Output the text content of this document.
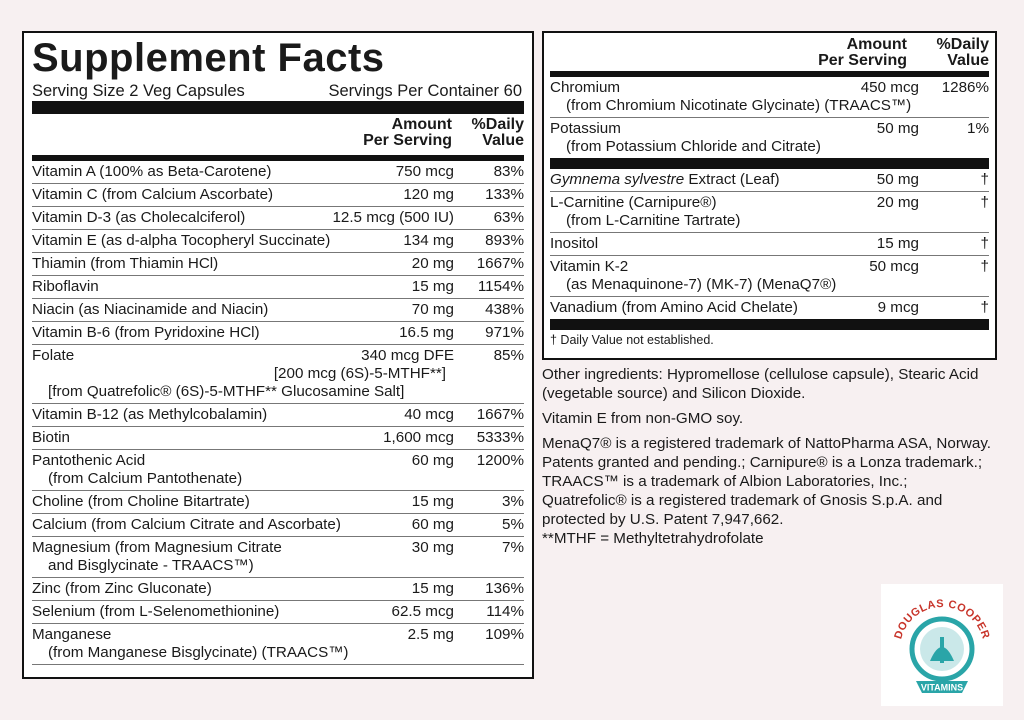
Supplement Facts
Serving Size 2 Veg Capsules	Servings Per Container 60
Amount
Per Serving
%Daily
Value
Vitamin A (100% as Beta-Carotene)	750 mcg	83%
Vitamin C (from Calcium Ascorbate)	120 mg	133%
Vitamin D-3 (as Cholecalciferol)	12.5 mcg (500 IU)	63%
Vitamin E (as d-alpha Tocopheryl Succinate)	134 mg	893%
Thiamin (from Thiamin HCl)	20 mg	1667%
Riboflavin	15 mg	1154%
Niacin (as Niacinamide and Niacin)	70 mg	438%
Vitamin B-6 (from Pyridoxine HCl)	16.5 mg	971%
Folate	340 mcg DFE	85%
[200 mcg (6S)-5-MTHF**]
[from Quatrefolic® (6S)-5-MTHF** Glucosamine Salt]
Vitamin B-12 (as Methylcobalamin)	40 mcg	1667%
Biotin	1,600 mcg	5333%
Pantothenic Acid	60 mg	1200%
(from Calcium Pantothenate)
Choline (from Choline Bitartrate)	15 mg	3%
Calcium (from Calcium Citrate and Ascorbate)	60 mg	5%
Magnesium (from Magnesium Citrate	30 mg	7%
and Bisglycinate - TRAACS™)
Zinc (from Zinc Gluconate)	15 mg	136%
Selenium (from L-Selenomethionine)	62.5 mcg	114%
Manganese	2.5 mg	109%
(from Manganese Bisglycinate) (TRAACS™)
Amount
Per Serving
%Daily
Value
Chromium	450 mcg	1286%
(from Chromium Nicotinate Glycinate) (TRAACS™)
Potassium	50 mg	1%
(from Potassium Chloride and Citrate)
Gymnema sylvestre Extract (Leaf)	50 mg	†
L-Carnitine (Carnipure®)	20 mg	†
(from L-Carnitine Tartrate)
Inositol	15 mg	†
Vitamin K-2	50 mcg	†
(as Menaquinone-7) (MK-7) (MenaQ7®)
Vanadium (from Amino Acid Chelate)	9 mcg	†
† Daily Value not established.

Other ingredients: Hypromellose (cellulose capsule), Stearic Acid (vegetable source) and Silicon Dioxide.

Vitamin E from non-GMO soy.

MenaQ7® is a registered trademark of NattoPharma ASA, Norway. Patents granted and pending.; Carnipure® is a Lonza trademark.; TRAACS™ is a trademark of Albion Laboratories, Inc.; Quatrefolic® is a registered trademark of Gnosis S.p.A. and protected by U.S. Patent 7,947,662.

**MTHF = Methyltetrahydrofolate

DOUGLAS COOPER
VITAMINS
